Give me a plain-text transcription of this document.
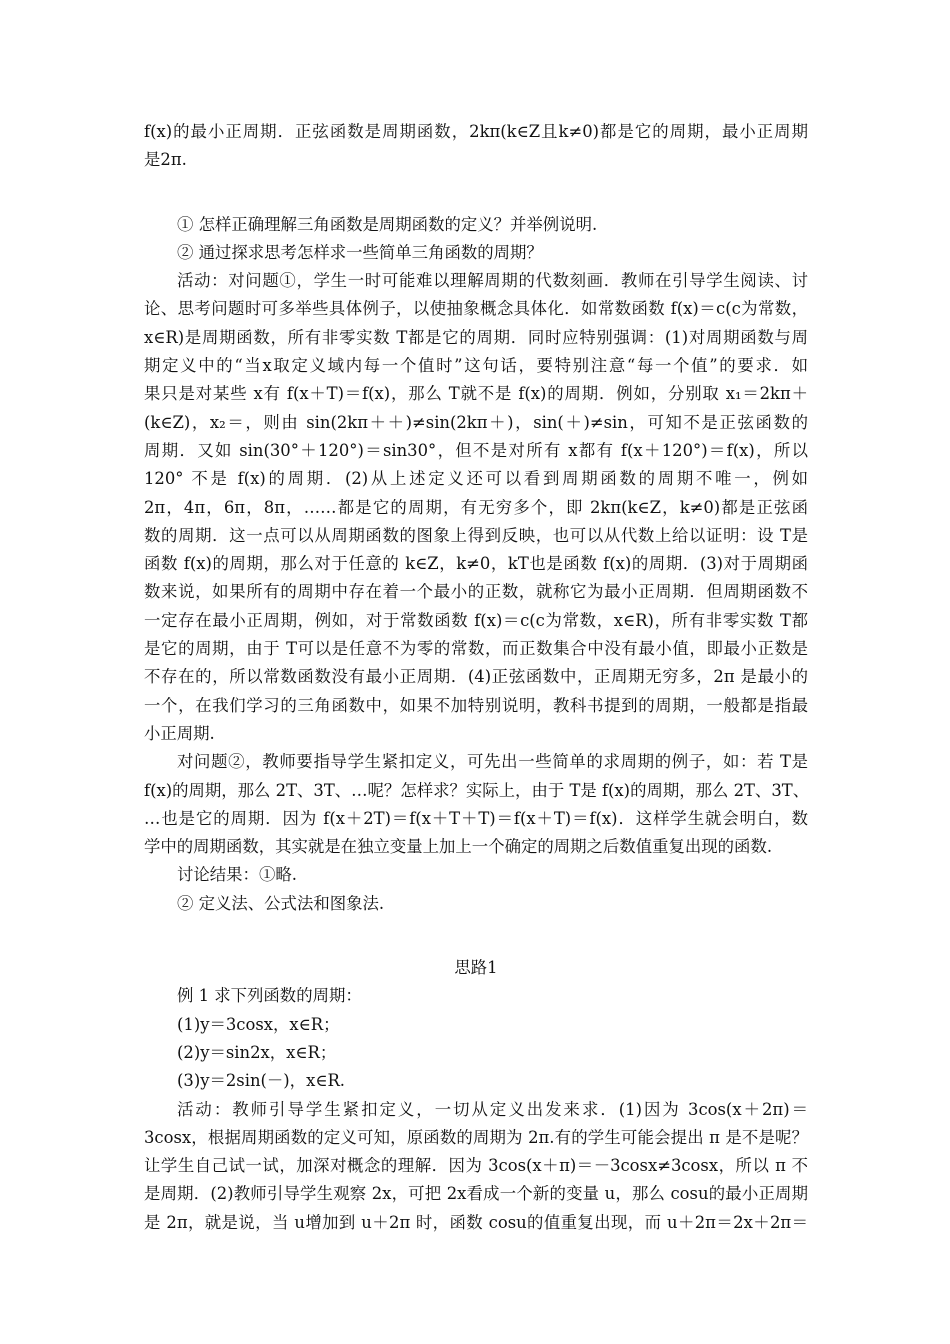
f(x)的最小正周期．正弦函数是周期函数，2kπ(k∈Z且k≠0)都是它的周期，最小正周期

是2π.

① 怎样正确理解三角函数是周期函数的定义？并举例说明.

② 通过探求思考怎样求一些简单三角函数的周期？

活动：对问题①，学生一时可能难以理解周期的代数刻画．教师在引导学生阅读、讨

论、思考问题时可多举些具体例子，以使抽象概念具体化．如常数函数 f(x)＝c(c为常数，

x∈R)是周期函数，所有非零实数 T都是它的周期．同时应特别强调：(1)对周期函数与周

期定义中的“当x取定义域内每一个值时”这句话，要特别注意“每一个值”的要求．如

果只是对某些 x有 f(x＋T)＝f(x)，那么 T就不是 f(x)的周期．例如，分别取 x₁＝2kπ＋

(k∈Z)，x₂＝，则由 sin(2kπ＋＋)≠sin(2kπ＋)，sin(＋)≠sin，可知不是正弦函数的

周期．又如 sin(30°＋120°)＝sin30°，但不是对所有 x都有 f(x＋120°)＝f(x)，所以

120° 不是 f(x)的周期．(2)从上述定义还可以看到周期函数的周期不唯一，例如

2π，4π，6π，8π，……都是它的周期，有无穷多个，即 2kπ(k∈Z，k≠0)都是正弦函

数的周期．这一点可以从周期函数的图象上得到反映，也可以从代数上给以证明：设 T是

函数 f(x)的周期，那么对于任意的 k∈Z，k≠0，kT也是函数 f(x)的周期．(3)对于周期函

数来说，如果所有的周期中存在着一个最小的正数，就称它为最小正周期．但周期函数不

一定存在最小正周期，例如，对于常数函数 f(x)＝c(c为常数，x∈R)，所有非零实数 T都

是它的周期，由于 T可以是任意不为零的常数，而正数集合中没有最小值，即最小正数是

不存在的，所以常数函数没有最小正周期．(4)正弦函数中，正周期无穷多，2π 是最小的

一个，在我们学习的三角函数中，如果不加特别说明，教科书提到的周期，一般都是指最

小正周期.

对问题②，教师要指导学生紧扣定义，可先出一些简单的求周期的例子，如：若 T是

f(x)的周期，那么 2T、3T、…呢？怎样求？实际上，由于 T是 f(x)的周期，那么 2T、3T、

…也是它的周期．因为 f(x＋2T)＝f(x＋T＋T)＝f(x＋T)＝f(x)．这样学生就会明白，数

学中的周期函数，其实就是在独立变量上加上一个确定的周期之后数值重复出现的函数.

讨论结果：①略.

② 定义法、公式法和图象法.

思路1

例 1 求下列函数的周期：

(1)y＝3cosx，x∈R；

(2)y＝sin2x，x∈R；

(3)y＝2sin(－)，x∈R.

活动：教师引导学生紧扣定义，一切从定义出发来求．(1)因为 3cos(x＋2π)＝

3cosx，根据周期函数的定义可知，原函数的周期为 2π.有的学生可能会提出 π 是不是呢？

让学生自己试一试，加深对概念的理解．因为 3cos(x＋π)＝－3cosx≠3cosx，所以 π 不

是周期．(2)教师引导学生观察 2x，可把 2x看成一个新的变量 u，那么 cosu的最小正周期

是 2π，就是说，当 u增加到 u＋2π 时，函数 cosu的值重复出现，而 u＋2π＝2x＋2π＝
